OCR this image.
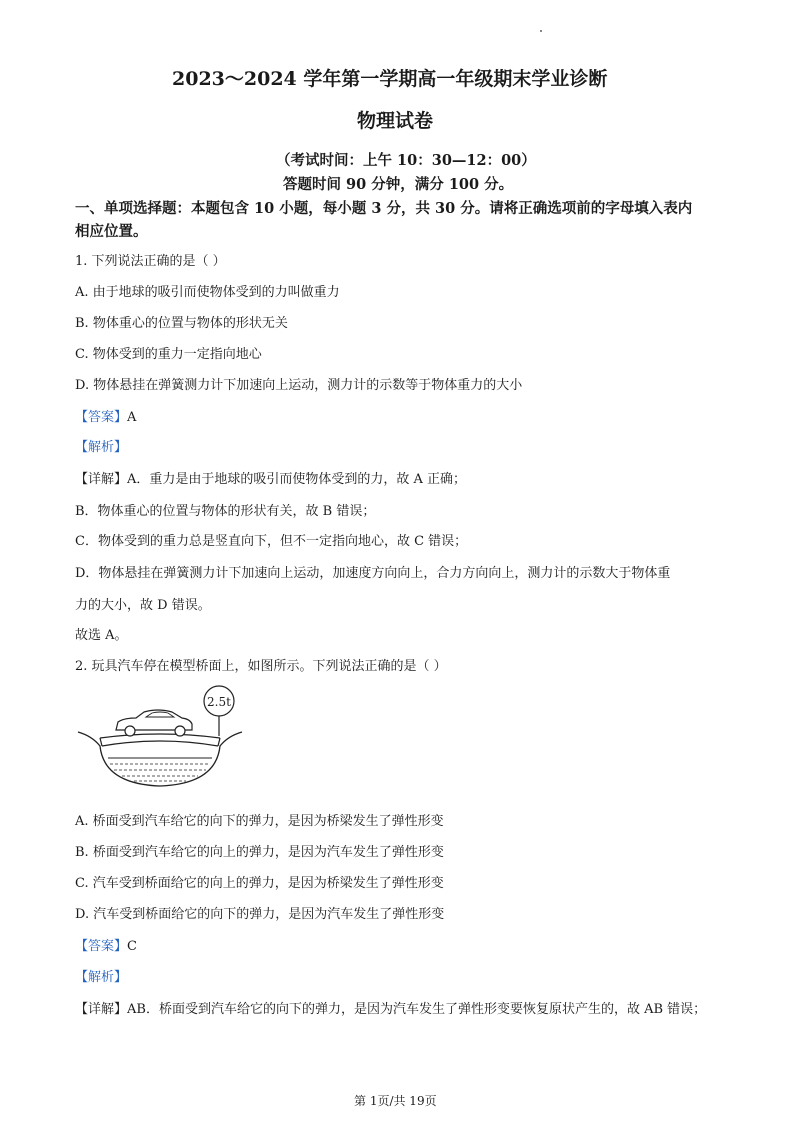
2023～2024 学年第一学期高一年级期末学业诊断
物理试卷
（考试时间：上午 10：30—12：00）
答题时间 90 分钟，满分 100 分。
一、单项选择题：本题包含 10 小题，每小题 3 分，共 30 分。请将正确选项前的字母填入表内
相应位置。
1. 下列说法正确的是（ ）
A. 由于地球的吸引而使物体受到的力叫做重力
B. 物体重心的位置与物体的形状无关
C. 物体受到的重力一定指向地心
D. 物体悬挂在弹簧测力计下加速向上运动，测力计的示数等于物体重力的大小
【答案】A
【解析】
【详解】A．重力是由于地球的吸引而使物体受到的力，故 A 正确；
B．物体重心的位置与物体的形状有关，故 B 错误；
C．物体受到的重力总是竖直向下，但不一定指向地心，故 C 错误；
D．物体悬挂在弹簧测力计下加速向上运动，加速度方向向上，合力方向向上，测力计的示数大于物体重
力的大小，故 D 错误。
故选 A。
2. 玩具汽车停在模型桥面上，如图所示。下列说法正确的是（ ）
2.5t
A. 桥面受到汽车给它的向下的弹力，是因为桥梁发生了弹性形变
B. 桥面受到汽车给它的向上的弹力，是因为汽车发生了弹性形变
C. 汽车受到桥面给它的向上的弹力，是因为桥梁发生了弹性形变
D. 汽车受到桥面给它的向下的弹力，是因为汽车发生了弹性形变
【答案】C
【解析】
【详解】AB．桥面受到汽车给它的向下的弹力，是因为汽车发生了弹性形变要恢复原状产生的，故 AB 错误；
第 1页/共 19页
